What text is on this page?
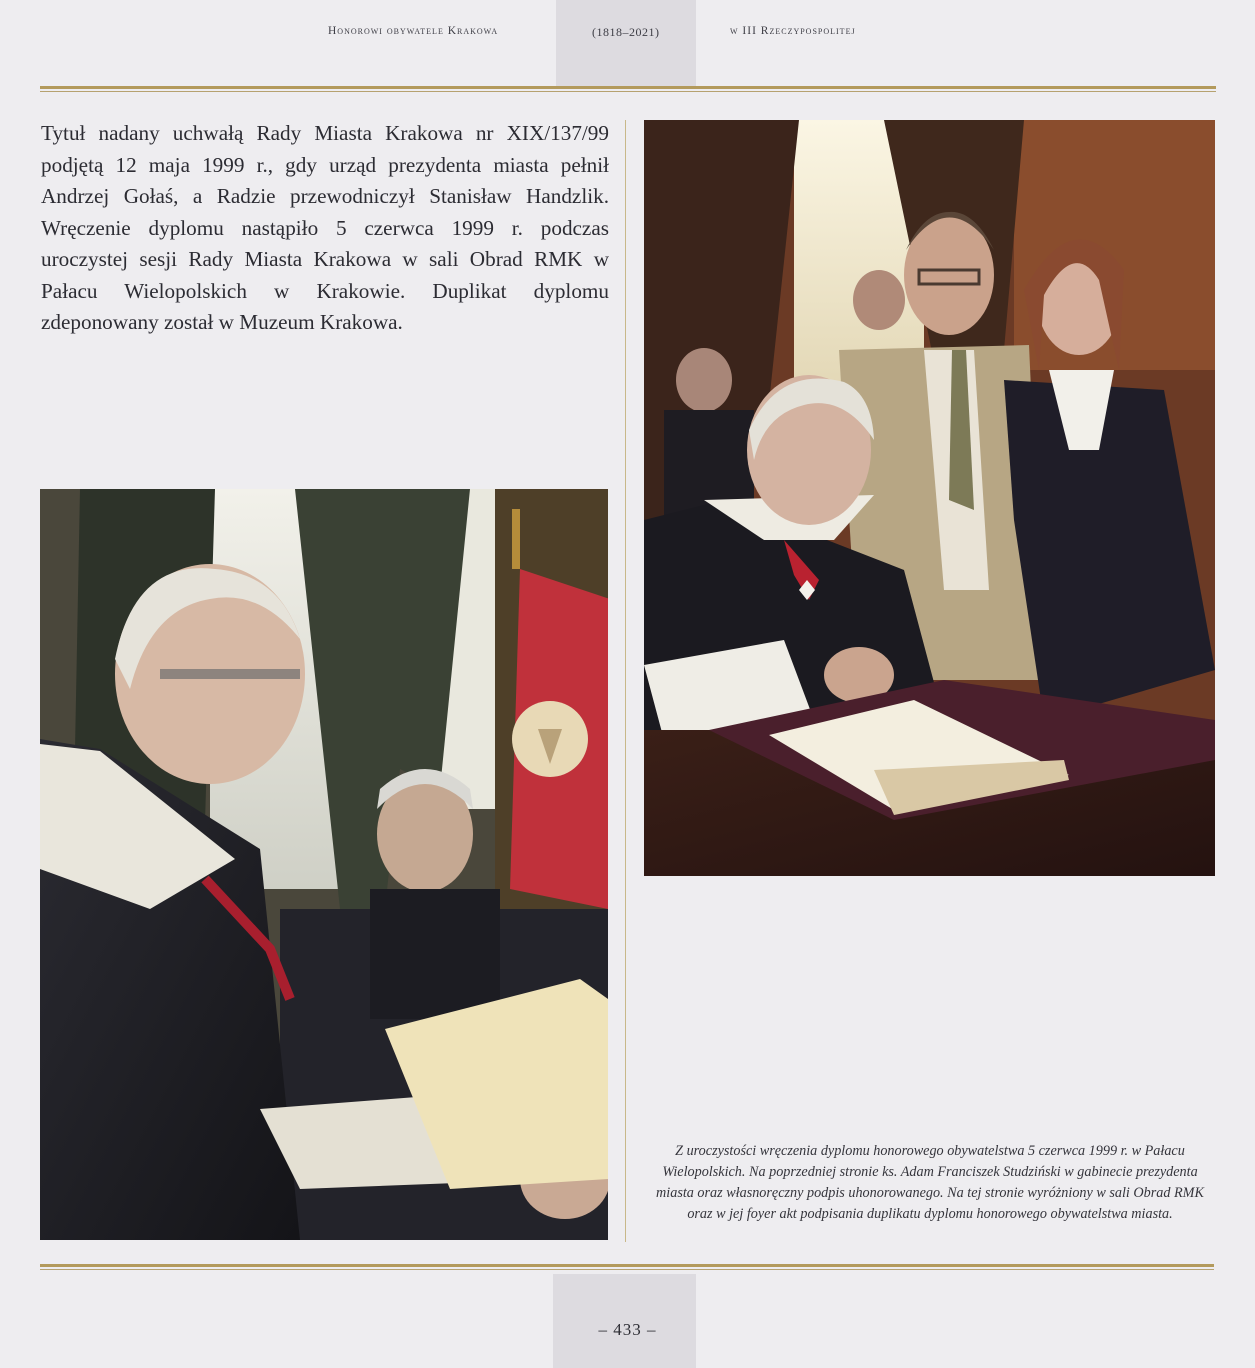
Honorowi obywatele Krakowa	(1818–2021)	w III Rzeczypospolitej

Tytuł nadany uchwałą Rady Miasta Krakowa nr XIX/137/99 podjętą 12 maja 1999 r., gdy urząd prezydenta miasta pełnił Andrzej Gołaś, a Radzie przewodniczył Stanisław Handzlik. Wręczenie dyplomu nastąpiło 5 czerwca 1999 r. podczas uroczystej sesji Rady Miasta Krakowa w sali Obrad RMK w Pałacu Wielopolskich w Krakowie. Duplikat dyplomu zdeponowany został w Muzeum Krakowa.

Z uroczystości wręczenia dyplomu honorowego obywatelstwa 5 czerwca 1999 r. w Pałacu Wielopolskich. Na poprzedniej stronie ks. Adam Franciszek Studziński w gabinecie prezydenta miasta oraz własnoręczny podpis uhonorowanego. Na tej stronie wyróżniony w sali Obrad RMK oraz w jej foyer akt podpisania duplikatu dyplomu honorowego obywatelstwa miasta.

– 433 –
